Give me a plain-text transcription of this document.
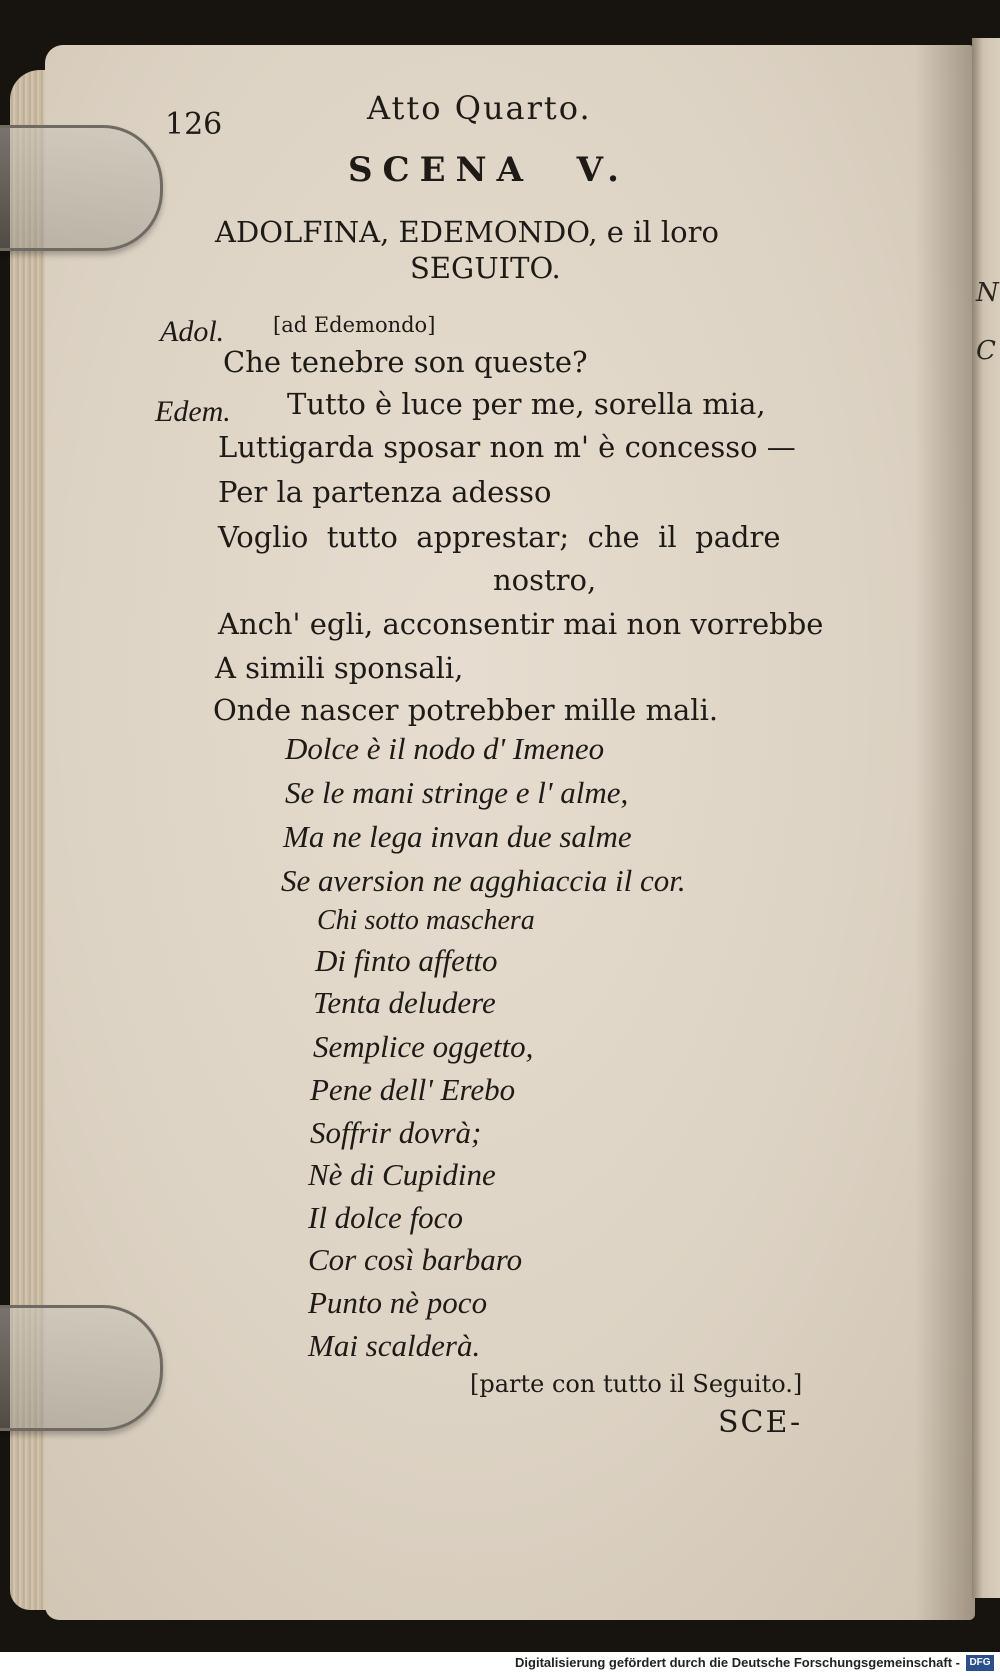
126	Atto Quarto.
SCENA  V.
ADOLFINA, EDEMONDO, e il loro
SEGUITO.
Adol. [ad Edemondo]
Che tenebre son queste?
Edem. Tutto è luce per me, sorella mia,
Luttigarda sposar non m' è concesso —
Per la partenza adesso
Voglio  tutto  apprestar;  che  il  padre
nostro,
Anch' egli, acconsentir mai non vorrebbe
A simili sponsali,
Onde nascer potrebber mille mali.
Dolce è il nodo d' Imeneo
Se le mani stringe e l' alme,
Ma ne lega invan due salme
Se aversion ne agghiaccia il cor.
Chi sotto maschera
Di finto affetto
Tenta deludere
Semplice oggetto,
Pene dell' Erebo
Soffrir dovrà;
Nè di Cupidine
Il dolce foco
Cor così barbaro
Punto nè poco
Mai scalderà.
[parte con tutto il Seguito.]
SCE-
N
C
Digitalisierung gefördert durch die Deutsche Forschungsgemeinschaft - DFG
